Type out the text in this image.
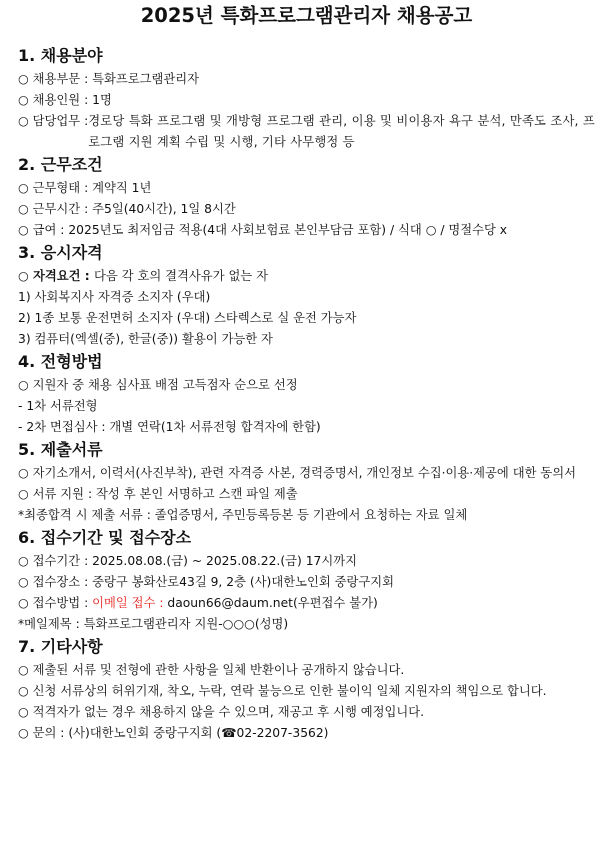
2025년 특화프로그램관리자 채용공고
1. 채용분야
○ 채용부문 : 특화프로그램관리자
○ 채용인원 : 1명
○ 담당업무 : 경로당 특화 프로그램 및 개방형 프로그램 관리, 이용 및 비이용자 욕구 분석, 만족도 조사, 프로그램 지원 계획 수립 및 시행, 기타 사무행정 등
2. 근무조건
○ 근무형태 : 계약직 1년
○ 근무시간 : 주5일(40시간), 1일 8시간
○ 급여 : 2025년도 최저임금 적용(4대 사회보험료 본인부담금 포함) / 식대 ○ / 명절수당 x
3. 응시자격
○ 자격요건 : 다음 각 호의 결격사유가 없는 자
1) 사회복지사 자격증 소지자 (우대)
2) 1종 보통 운전면허 소지자 (우대) 스타렉스로 실 운전 가능자
3) 컴퓨터(엑셀(중), 한글(중)) 활용이 가능한 자
4. 전형방법
○ 지원자 중 채용 심사표 배점 고득점자 순으로 선정
- 1차 서류전형
- 2차 면접심사 : 개별 연락(1차 서류전형 합격자에 한함)
5. 제출서류
○ 자기소개서, 이력서(사진부착), 관련 자격증 사본, 경력증명서, 개인정보 수집·이용·제공에 대한 동의서
○ 서류 지원 : 작성 후 본인 서명하고 스캔 파일 제출
*최종합격 시 제출 서류 : 졸업증명서, 주민등록등본 등 기관에서 요청하는 자료 일체
6. 접수기간 및 접수장소
○ 접수기간 : 2025.08.08.(금) ~ 2025.08.22.(금) 17시까지
○ 접수장소 : 중랑구 봉화산로43길 9, 2층 (사)대한노인회 중랑구지회
○ 접수방법 : 이메일 접수 : daoun66@daum.net(우편접수 불가)
*메일제목 : 특화프로그램관리자 지원-○○○(성명)
7. 기타사항
○ 제출된 서류 및 전형에 관한 사항을 일체 반환이나 공개하지 않습니다.
○ 신청 서류상의 허위기재, 착오, 누락, 연락 불능으로 인한 불이익 일체 지원자의 책임으로 합니다.
○ 적격자가 없는 경우 채용하지 않을 수 있으며, 재공고 후 시행 예정입니다.
○ 문의 : (사)대한노인회 중랑구지회 (☎02-2207-3562)
